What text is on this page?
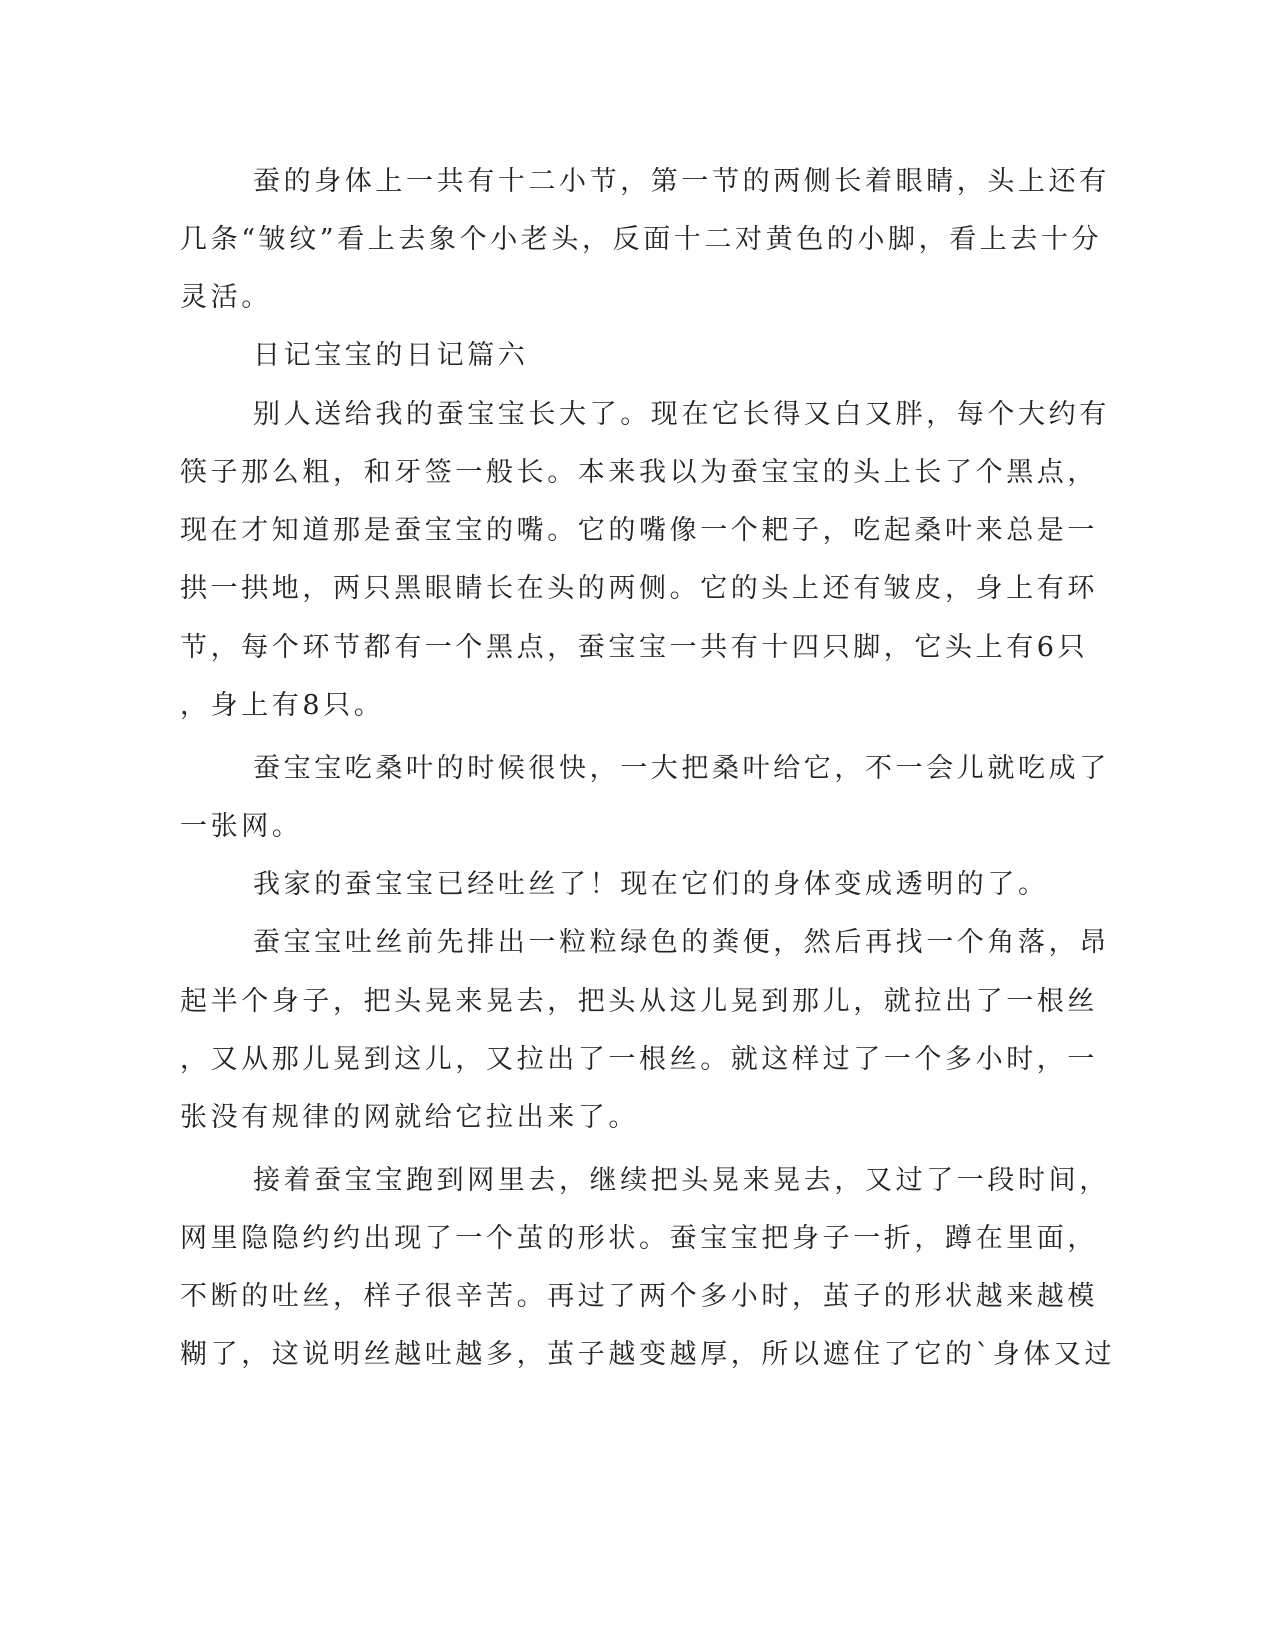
蚕的身体上一共有十二小节，第一节的两侧长着眼睛，头上还有

几条“皱纹”看上去象个小老头，反面十二对黄色的小脚，看上去十分

灵活。

日记宝宝的日记篇六

别人送给我的蚕宝宝长大了。现在它长得又白又胖，每个大约有

筷子那么粗，和牙签一般长。本来我以为蚕宝宝的头上长了个黑点，

现在才知道那是蚕宝宝的嘴。它的嘴像一个耙子，吃起桑叶来总是一

拱一拱地，两只黑眼睛长在头的两侧。它的头上还有皱皮，身上有环

节，每个环节都有一个黑点，蚕宝宝一共有十四只脚，它头上有6只

，身上有8只。

蚕宝宝吃桑叶的时候很快，一大把桑叶给它，不一会儿就吃成了

一张网。

我家的蚕宝宝已经吐丝了！现在它们的身体变成透明的了。

蚕宝宝吐丝前先排出一粒粒绿色的粪便，然后再找一个角落，昂

起半个身子，把头晃来晃去，把头从这儿晃到那儿，就拉出了一根丝

，又从那儿晃到这儿，又拉出了一根丝。就这样过了一个多小时，一

张没有规律的网就给它拉出来了。

接着蚕宝宝跑到网里去，继续把头晃来晃去，又过了一段时间，

网里隐隐约约出现了一个茧的形状。蚕宝宝把身子一折，蹲在里面，

不断的吐丝，样子很辛苦。再过了两个多小时，茧子的形状越来越模

糊了，这说明丝越吐越多，茧子越变越厚，所以遮住了它的`身体又过
